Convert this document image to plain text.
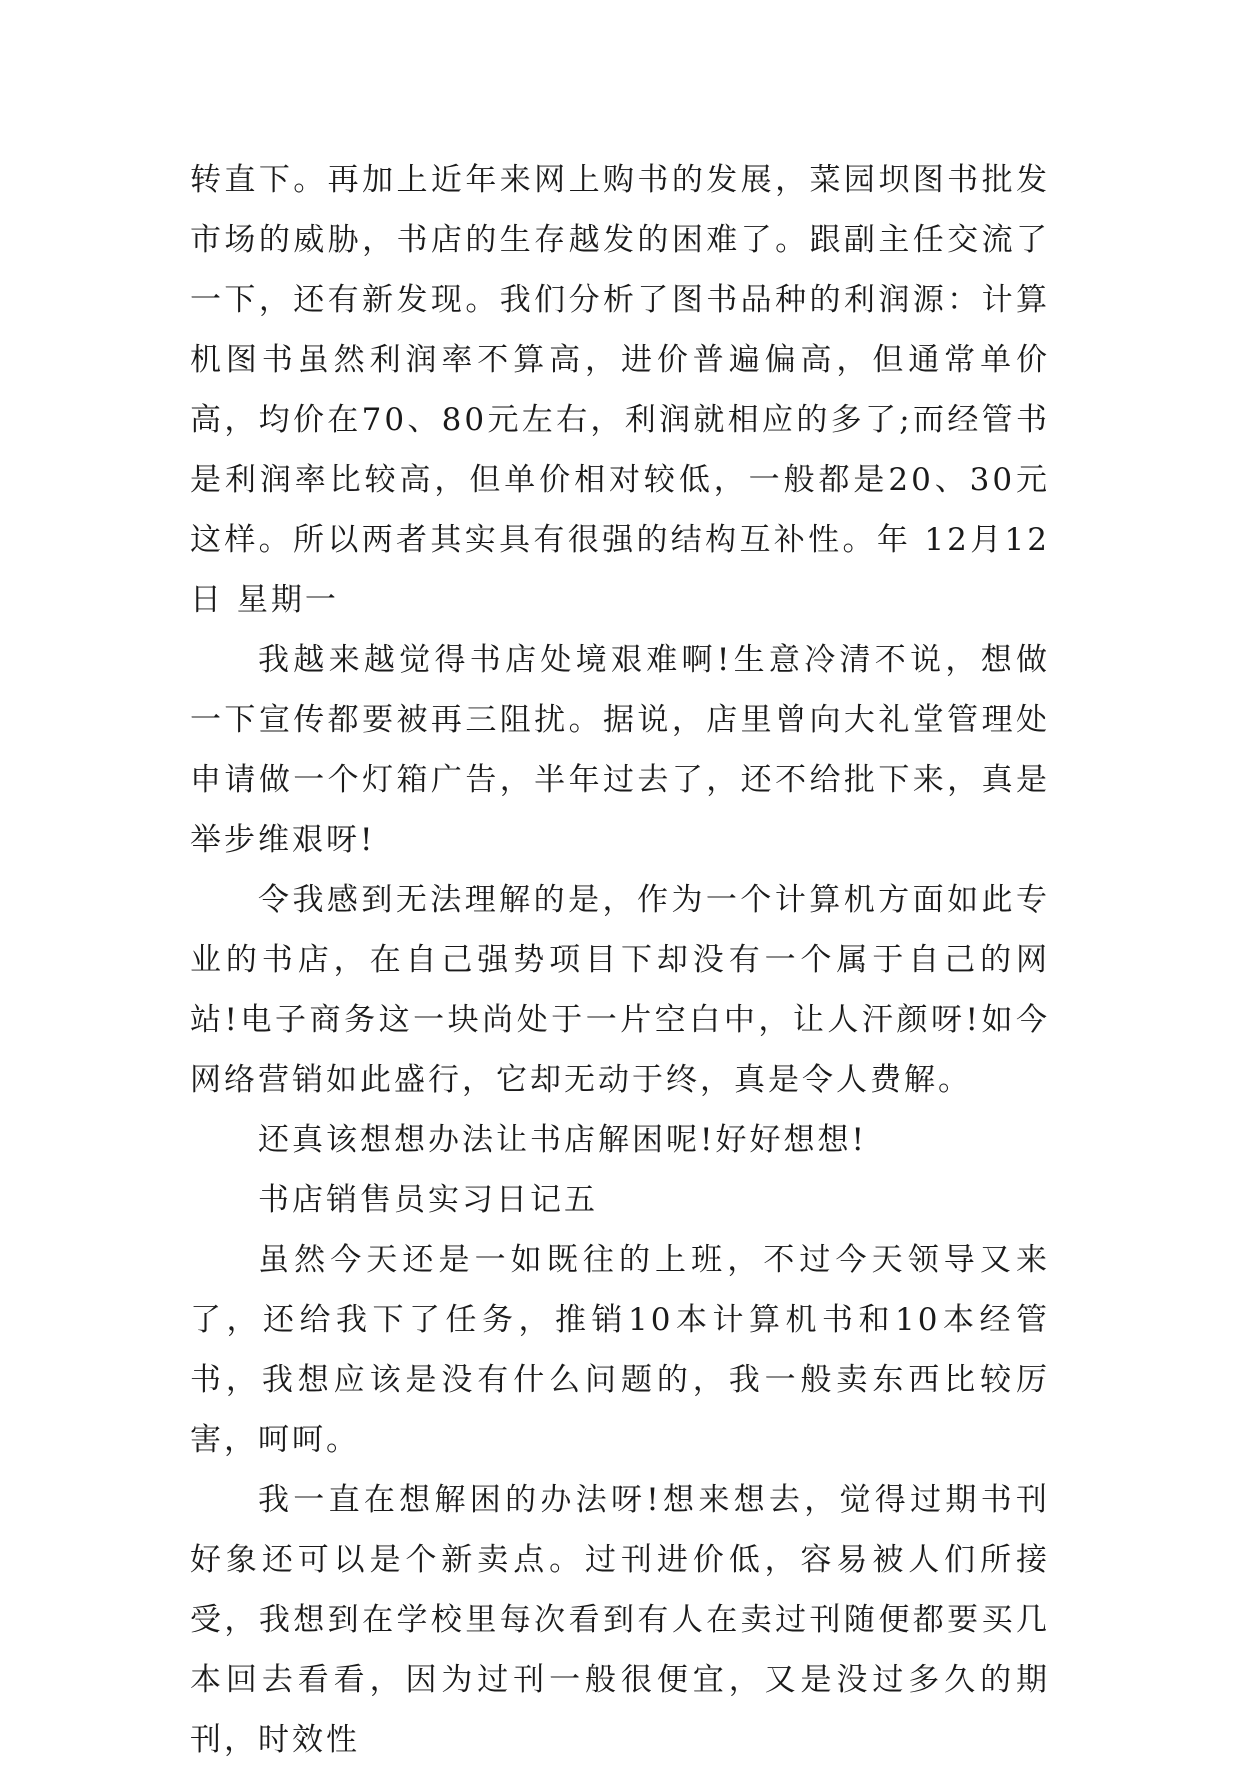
转直下。再加上近年来网上购书的发展，菜园坝图书批发市场的威胁，书店的生存越发的困难了。跟副主任交流了一下，还有新发现。我们分析了图书品种的利润源：计算机图书虽然利润率不算高，进价普遍偏高，但通常单价高，均价在70、80元左右，利润就相应的多了;而经管书是利润率比较高，但单价相对较低，一般都是20、30元这样。所以两者其实具有很强的结构互补性。年 12月12日 星期一

我越来越觉得书店处境艰难啊!生意冷清不说，想做一下宣传都要被再三阻扰。据说，店里曾向大礼堂管理处申请做一个灯箱广告，半年过去了，还不给批下来，真是举步维艰呀!

令我感到无法理解的是，作为一个计算机方面如此专业的书店，在自己强势项目下却没有一个属于自己的网站!电子商务这一块尚处于一片空白中，让人汗颜呀!如今网络营销如此盛行，它却无动于终，真是令人费解。

还真该想想办法让书店解困呢!好好想想!

书店销售员实习日记五

虽然今天还是一如既往的上班，不过今天领导又来了，还给我下了任务，推销10本计算机书和10本经管书，我想应该是没有什么问题的，我一般卖东西比较厉害，呵呵。

我一直在想解困的办法呀!想来想去，觉得过期书刊好象还可以是个新卖点。过刊进价低，容易被人们所接受，我想到在学校里每次看到有人在卖过刊随便都要买几本回去看看，因为过刊一般很便宜，又是没过多久的期刊，时效性
